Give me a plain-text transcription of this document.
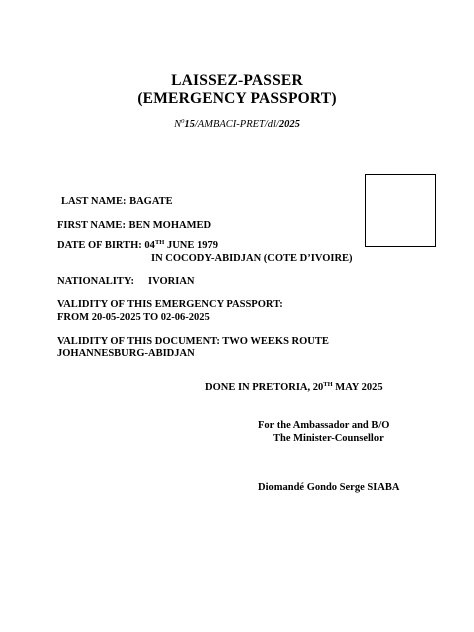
LAISSEZ-PASSER
(EMERGENCY PASSPORT)
$N^015/AMBACI-PRET/dl/2025$
LAST NAME: BAGATE
FIRST NAME: BEN MOHAMED
DATE OF BIRTH: 04TH JUNE 1979
IN COCODY-ABIDJAN (COTE D’IVOIRE)
NATIONALITY: IVORIAN
VALIDITY OF THIS EMERGENCY PASSPORT:
FROM 20-05-2025 TO 02-06-2025
VALIDITY OF THIS DOCUMENT: TWO WEEKS ROUTE
JOHANNESBURG-ABIDJAN
DONE IN PRETORIA, 20TH MAY 2025
For the Ambassador and B/O
The Minister-Counsellor
Diomandé Gondo Serge SIABA
